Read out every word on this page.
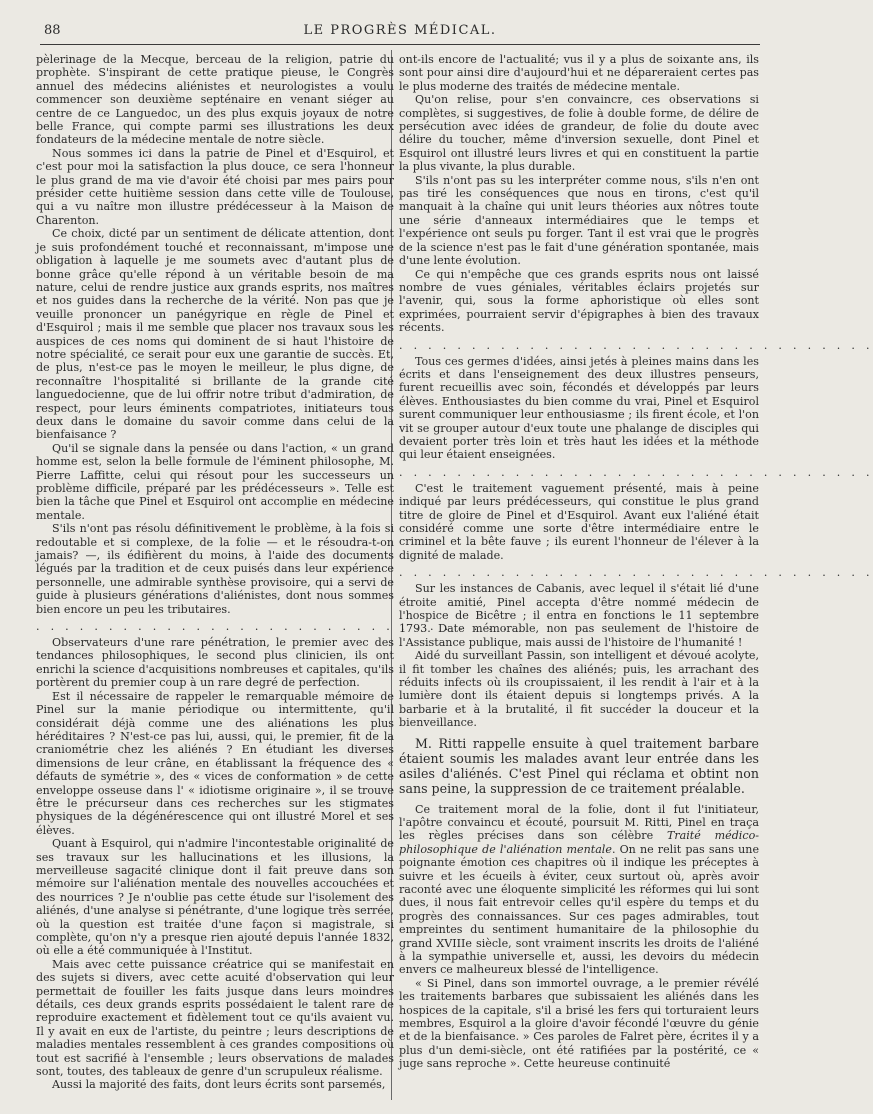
88	LE PROGRÈS MÉDICAL.

pèlerinage de la Mecque, berceau de la religion, patrie du prophète. S'inspirant de cette pratique pieuse, le Congrès annuel des médecins aliénistes et neurologistes a voulu commencer son deuxième septénaire en venant siéger au centre de ce Languedoc, un des plus exquis joyaux de notre belle France, qui compte parmi ses illustrations les deux fondateurs de la médecine mentale de notre siècle.

Nous sommes ici dans la patrie de Pinel et d'Esquirol, et c'est pour moi la satisfaction la plus douce, ce sera l'honneur le plus grand de ma vie d'avoir été choisi par mes pairs pour présider cette huitième session dans cette ville de Toulouse, qui a vu naître mon illustre prédécesseur à la Maison de Charenton.

Ce choix, dicté par un sentiment de délicate attention, dont je suis profondément touché et reconnaissant, m'impose une obligation à laquelle je me soumets avec d'autant plus de bonne grâce qu'elle répond à un véritable besoin de ma nature, celui de rendre justice aux grands esprits, nos maîtres et nos guides dans la recherche de la vérité. Non pas que je veuille prononcer un panégyrique en règle de Pinel et d'Esquirol ; mais il me semble que placer nos travaux sous les auspices de ces noms qui dominent de si haut l'histoire de notre spécialité, ce serait pour eux une garantie de succès. Et, de plus, n'est-ce pas le moyen le meilleur, le plus digne, de reconnaître l'hospitalité si brillante de la grande cité languedocienne, que de lui offrir notre tribut d'admiration, de respect, pour leurs éminents compatriotes, initiateurs tous deux dans le domaine du savoir comme dans celui de la bienfaisance ?

Qu'il se signale dans la pensée ou dans l'action, « un grand homme est, selon la belle formule de l'éminent philosophe, M. Pierre Laffitte, celui qui résout pour les successeurs un problème difficile, préparé par les prédécesseurs ». Telle est bien la tâche que Pinel et Esquirol ont accomplie en médecine mentale.

S'ils n'ont pas résolu définitivement le problème, à la fois si redoutable et si complexe, de la folie — et le résoudra-t-on jamais? —, ils édifièrent du moins, à l'aide des documents légués par la tradition et de ceux puisés dans leur expérience personnelle, une admirable synthèse provisoire, qui a servi de guide à plusieurs générations d'aliénistes, dont nous sommes bien encore un peu les tributaires.

. . . . . . . . . . . . . . . . . . . . . . . . . . . . . . . . .

Observateurs d'une rare pénétration, le premier avec des tendances philosophiques, le second plus clinicien, ils ont enrichi la science d'acquisitions nombreuses et capitales, qu'ils portèrent du premier coup à un rare degré de perfection.

Est il nécessaire de rappeler le remarquable mémoire de Pinel sur la manie périodique ou intermittente, qu'il considérait déjà comme une des aliénations les plus héréditaires ? N'est-ce pas lui, aussi, qui, le premier, fit de la craniométrie chez les aliénés ? En étudiant les diverses dimensions de leur crâne, en établissant la fréquence des « défauts de symétrie », des « vices de conformation » de cette enveloppe osseuse dans l' « idiotisme originaire », il se trouve être le précurseur dans ces recherches sur les stigmates physiques de la dégénérescence qui ont illustré Morel et ses élèves.

Quant à Esquirol, qui n'admire l'incontestable originalité de ses travaux sur les hallucinations et les illusions, la merveilleuse sagacité clinique dont il fait preuve dans son mémoire sur l'aliénation mentale des nouvelles accouchées et des nourrices ? Je n'oublie pas cette étude sur l'isolement des aliénés, d'une analyse si pénétrante, d'une logique très serrée, où la question est traitée d'une façon si magistrale, si complète, qu'on n'y a presque rien ajouté depuis l'année 1832, où elle a été communiquée à l'Institut.

Mais avec cette puissance créatrice qui se manifestait en des sujets si divers, avec cette acuité d'observation qui leur permettait de fouiller les faits jusque dans leurs moindres détails, ces deux grands esprits possédaient le talent rare de reproduire exactement et fidèlement tout ce qu'ils avaient vu. Il y avait en eux de l'artiste, du peintre ; leurs descriptions de maladies mentales ressemblent à ces grandes compositions où tout est sacrifié à l'ensemble ; leurs observations de malades sont, toutes, des tableaux de genre d'un scrupuleux réalisme.

Aussi la majorité des faits, dont leurs écrits sont parsemés,

ont-ils encore de l'actualité; vus il y a plus de soixante ans, ils sont pour ainsi dire d'aujourd'hui et ne dépareraient certes pas le plus moderne des traités de médecine mentale.

Qu'on relise, pour s'en convaincre, ces observations si complètes, si suggestives, de folie à double forme, de délire de persécution avec idées de grandeur, de folie du doute avec délire du toucher, même d'inversion sexuelle, dont Pinel et Esquirol ont illustré leurs livres et qui en constituent la partie la plus vivante, la plus durable.

S'ils n'ont pas su les interpréter comme nous, s'ils n'en ont pas tiré les conséquences que nous en tirons, c'est qu'il manquait à la chaîne qui unit leurs théories aux nôtres toute une série d'anneaux intermédiaires que le temps et l'expérience ont seuls pu forger. Tant il est vrai que le progrès de la science n'est pas le fait d'une génération spontanée, mais d'une lente évolution.

Ce qui n'empêche que ces grands esprits nous ont laissé nombre de vues géniales, véritables éclairs projetés sur l'avenir, qui, sous la forme aphoristique où elles sont exprimées, pourraient servir d'épigraphes à bien des travaux récents.

. . . . . . . . . . . . . . . . . . . . . . . . . . . . . . . . .

Tous ces germes d'idées, ainsi jetés à pleines mains dans les écrits et dans l'enseignement des deux illustres penseurs, furent recueillis avec soin, fécondés et développés par leurs élèves. Enthousiastes du bien comme du vrai, Pinel et Esquirol surent communiquer leur enthousiasme ; ils firent école, et l'on vit se grouper autour d'eux toute une phalange de disciples qui devaient porter très loin et très haut les idées et la méthode qui leur étaient enseignées.

. . . . . . . . . . . . . . . . . . . . . . . . . . . . . . . . .

C'est le traitement vaguement présenté, mais à peine indiqué par leurs prédécesseurs, qui constitue le plus grand titre de gloire de Pinel et d'Esquirol. Avant eux l'aliéné était considéré comme une sorte d'être intermédiaire entre le criminel et la bête fauve ; ils eurent l'honneur de l'élever à la dignité de malade.

. . . . . . . . . . . . . . . . . . . . . . . . . . . . . . . . .

Sur les instances de Cabanis, avec lequel il s'était lié d'une étroite amitié, Pinel accepta d'être nommé médecin de l'hospice de Bicêtre ; il entra en fonctions le 11 septembre 1793. Date mémorable, non pas seulement de l'histoire de l'Assistance publique, mais aussi de l'histoire de l'humanité !

Aidé du surveillant Passin, son intelligent et dévoué acolyte, il fit tomber les chaînes des aliénés; puis, les arrachant des réduits infects où ils croupissaient, il les rendit à l'air et à la lumière dont ils étaient depuis si longtemps privés. A la barbarie et à la brutalité, il fit succéder la douceur et la bienveillance.

M. Ritti rappelle ensuite à quel traitement barbare étaient soumis les malades avant leur entrée dans les asiles d'aliénés. C'est Pinel qui réclama et obtint non sans peine, la suppression de ce traitement préalable.

Ce traitement moral de la folie, dont il fut l'initiateur, l'apôtre convaincu et écouté, poursuit M. Ritti, Pinel en traça les règles précises dans son célèbre Traité médico-philosophique de l'aliénation mentale. On ne relit pas sans une poignante émotion ces chapitres où il indique les préceptes à suivre et les écueils à éviter, ceux surtout où, après avoir raconté avec une éloquente simplicité les réformes qui lui sont dues, il nous fait entrevoir celles qu'il espère du temps et du progrès des connaissances. Sur ces pages admirables, tout empreintes du sentiment humanitaire de la philosophie du grand XVIIIe siècle, sont vraiment inscrits les droits de l'aliéné à la sympathie universelle et, aussi, les devoirs du médecin envers ce malheureux blessé de l'intelligence.

« Si Pinel, dans son immortel ouvrage, a le premier révélé les traitements barbares que subissaient les aliénés dans les hospices de la capitale, s'il a brisé les fers qui torturaient leurs membres, Esquirol a la gloire d'avoir fécondé l'œuvre du génie et de la bienfaisance. » Ces paroles de Falret père, écrites il y a plus d'un demi-siècle, ont été ratifiées par la postérité, ce « juge sans reproche ». Cette heureuse continuité
